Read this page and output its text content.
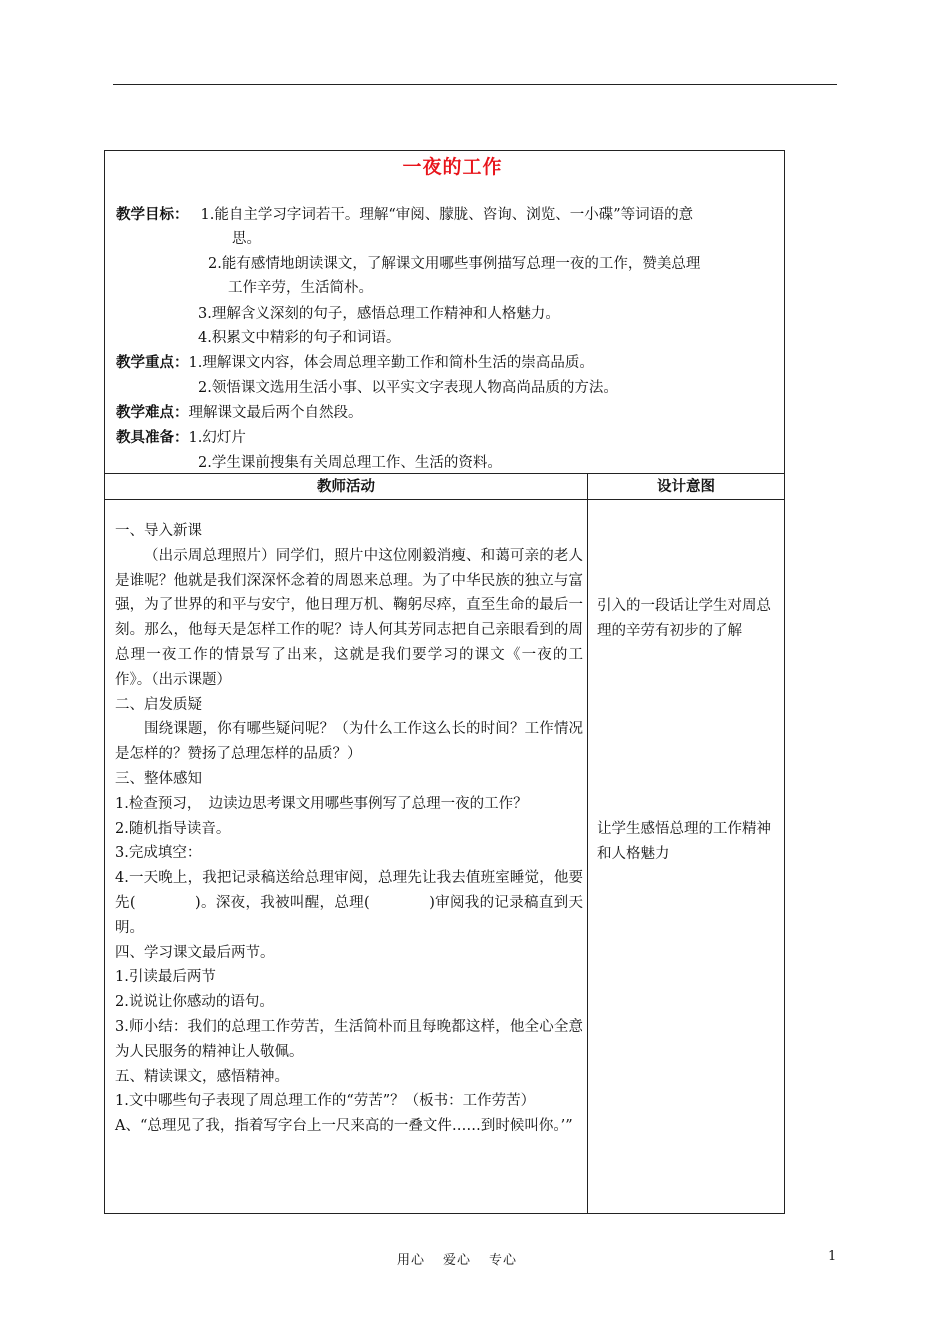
一夜的工作
教学目标： 1.能自主学习字词若干。理解“审阅、朦胧、咨询、浏览、一小碟”等词语的意
思。
2.能有感情地朗读课文，了解课文用哪些事例描写总理一夜的工作，赞美总理
工作辛劳，生活简朴。
3.理解含义深刻的句子，感悟总理工作精神和人格魅力。
4.积累文中精彩的句子和词语。
教学重点：1.理解课文内容，体会周总理辛勤工作和简朴生活的崇高品质。
2.领悟课文选用生活小事、以平实文字表现人物高尚品质的方法。
教学难点：理解课文最后两个自然段。
教具准备：1.幻灯片
2.学生课前搜集有关周总理工作、生活的资料。
教师活动	设计意图

一、导入新课

（出示周总理照片）同学们，照片中这位刚毅消瘦、和蔼可亲的老人是谁呢？他就是我们深深怀念着的周恩来总理。为了中华民族的独立与富强，为了世界的和平与安宁，他日理万机、鞠躬尽瘁，直至生命的最后一刻。那么，他每天是怎样工作的呢？诗人何其芳同志把自己亲眼看到的周总理一夜工作的情景写了出来，这就是我们要学习的课文《一夜的工作》。（出示课题）

二、启发质疑

围绕课题，你有哪些疑问呢？（为什么工作这么长的时间？工作情况是怎样的？赞扬了总理怎样的品质？）

三、整体感知

1.检查预习，　边读边思考课文用哪些事例写了总理一夜的工作？

2.随机指导读音。

3.完成填空：

4.一天晚上，我把记录稿送给总理审阅，总理先让我去值班室睡觉，他要先(　　　　)。深夜，我被叫醒，总理(　　　　)审阅我的记录稿直到天明。

四、学习课文最后两节。

1.引读最后两节

2.说说让你感动的语句。

3.师小结：我们的总理工作劳苦，生活简朴而且每晚都这样，他全心全意为人民服务的精神让人敬佩。

五、精读课文，感悟精神。

1.文中哪些句子表现了周总理工作的“劳苦”？（板书：工作劳苦）

A、“总理见了我，指着写字台上一尺来高的一叠文件……到时候叫你。’”

引入的一段话让学生对周总理的辛劳有初步的了解

让学生感悟总理的工作精神和人格魅力

用心 爱心 专心	1
